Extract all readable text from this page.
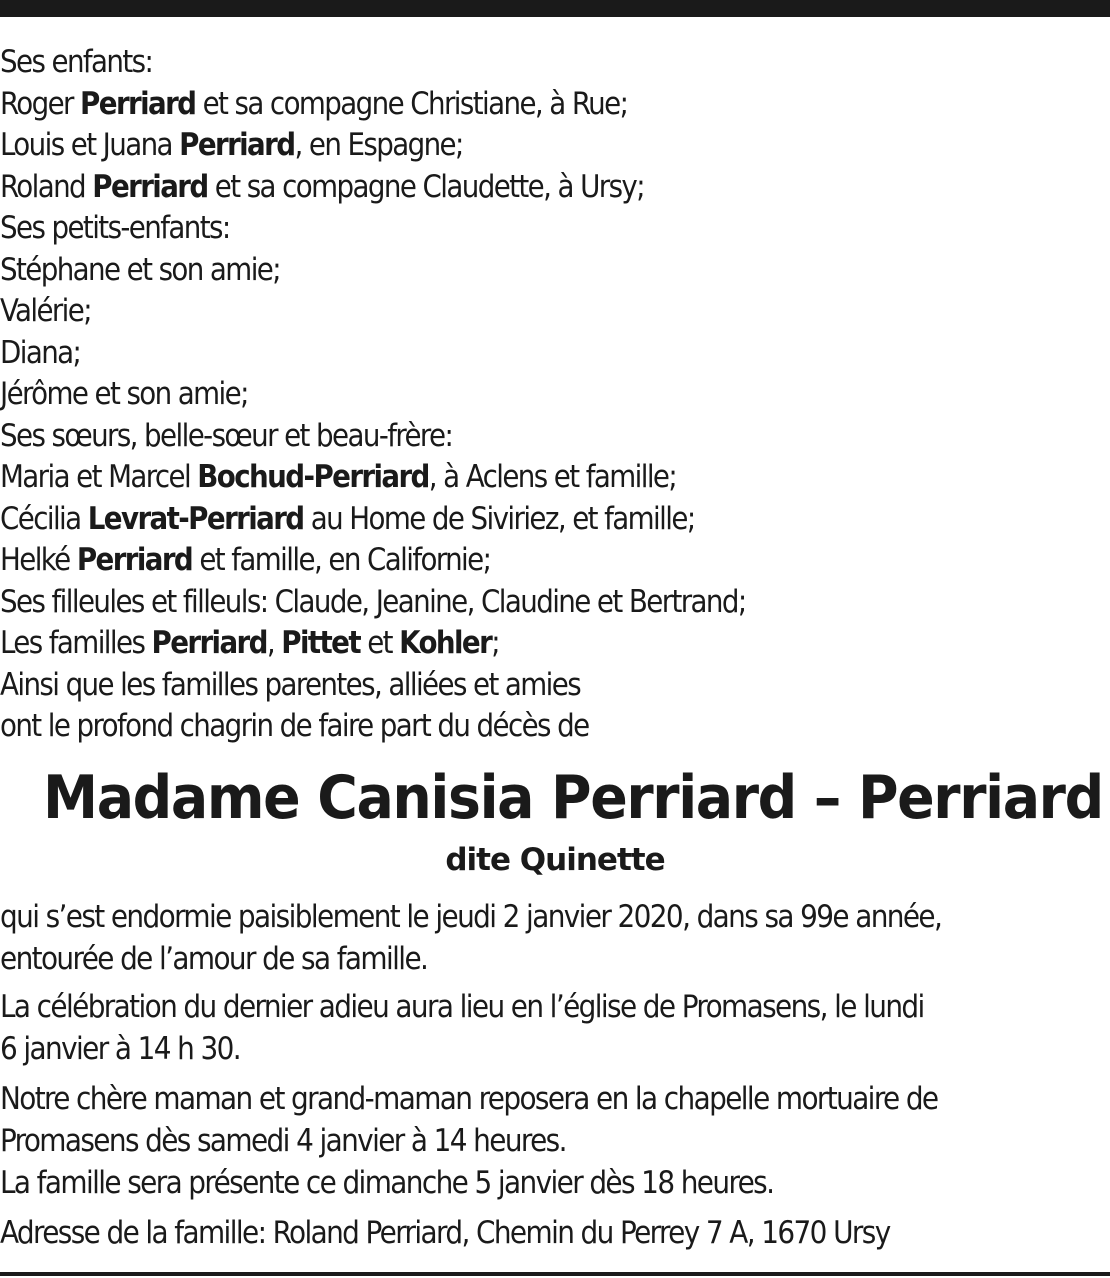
Ses enfants:
Roger Perriard et sa compagne Christiane, à Rue;
Louis et Juana Perriard, en Espagne;
Roland Perriard et sa compagne Claudette, à Ursy;
Ses petits-enfants:
Stéphane et son amie;
Valérie;
Diana;
Jérôme et son amie;
Ses sœurs, belle-sœur et beau-frère:
Maria et Marcel Bochud-Perriard, à Aclens et famille;
Cécilia Levrat-Perriard au Home de Siviriez, et famille;
Helké Perriard et famille, en Californie;
Ses filleules et filleuls: Claude, Jeanine, Claudine et Bertrand;
Les familles Perriard, Pittet et Kohler;
Ainsi que les familles parentes, alliées et amies
ont le profond chagrin de faire part du décès de
Madame Canisia Perriard – Perriard
dite Quinette
qui s’est endormie paisiblement le jeudi 2 janvier 2020, dans sa 99e année,
entourée de l’amour de sa famille.
La célébration du dernier adieu aura lieu en l’église de Promasens, le lundi
6 janvier à 14 h 30.
Notre chère maman et grand-maman reposera en la chapelle mortuaire de
Promasens dès samedi 4 janvier à 14 heures.
La famille sera présente ce dimanche 5 janvier dès 18 heures.
Adresse de la famille: Roland Perriard, Chemin du Perrey 7 A, 1670 Ursy
